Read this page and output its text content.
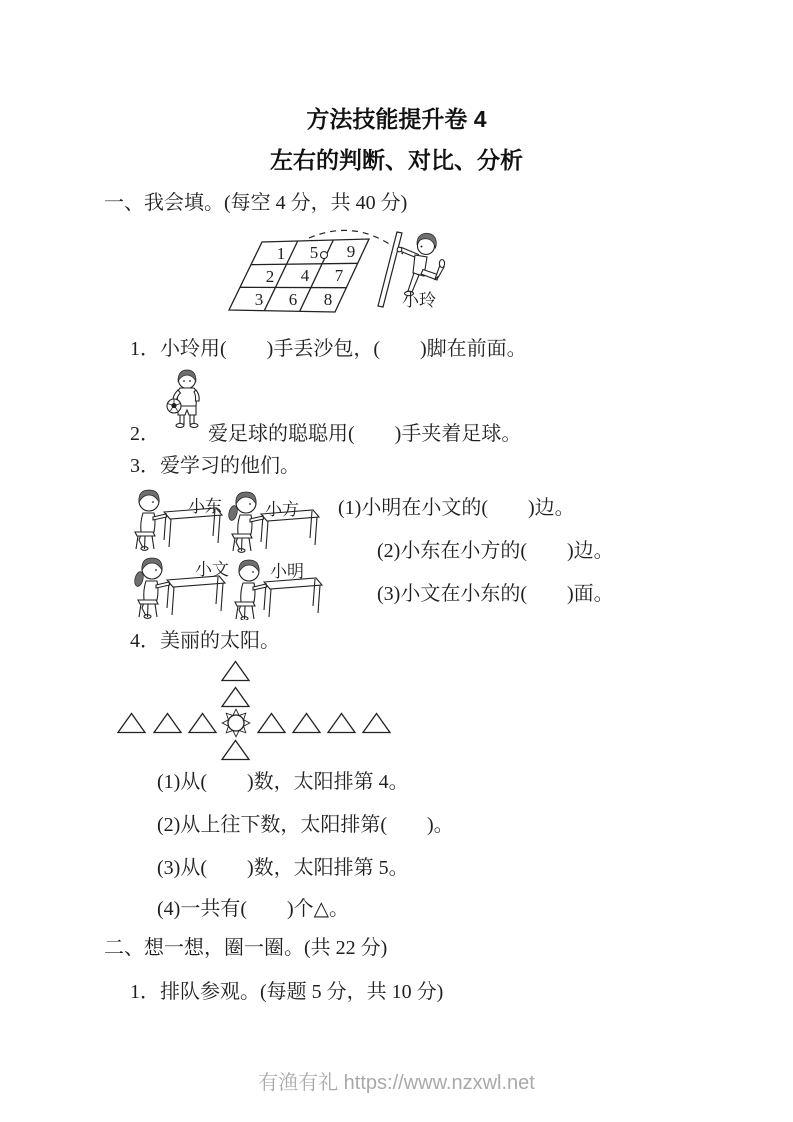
方法技能提升卷 4
左右的判断、对比、分析
一、我会填。(每空 4 分，共 40 分)
1 5 9
2 4 7
3 6 8	小玲
1．小玲用(　　)手丢沙包，(　　)脚在前面。
2． 爱足球的聪聪用(　　)手夹着足球。
3．爱学习的他们。
小东	小方
小文 小明
(1)小明在小文的(　　)边。
(2)小东在小方的(　　)边。
(3)小文在小东的(　　)面。
4．美丽的太阳。
(1)从(　　)数，太阳排第 4。
(2)从上往下数，太阳排第(　　)。
(3)从(　　)数，太阳排第 5。
(4)一共有(　　)个△。
二、想一想，圈一圈。(共 22 分)
1．排队参观。(每题 5 分，共 10 分)
有渔有礼 https://www.nzxwl.net
